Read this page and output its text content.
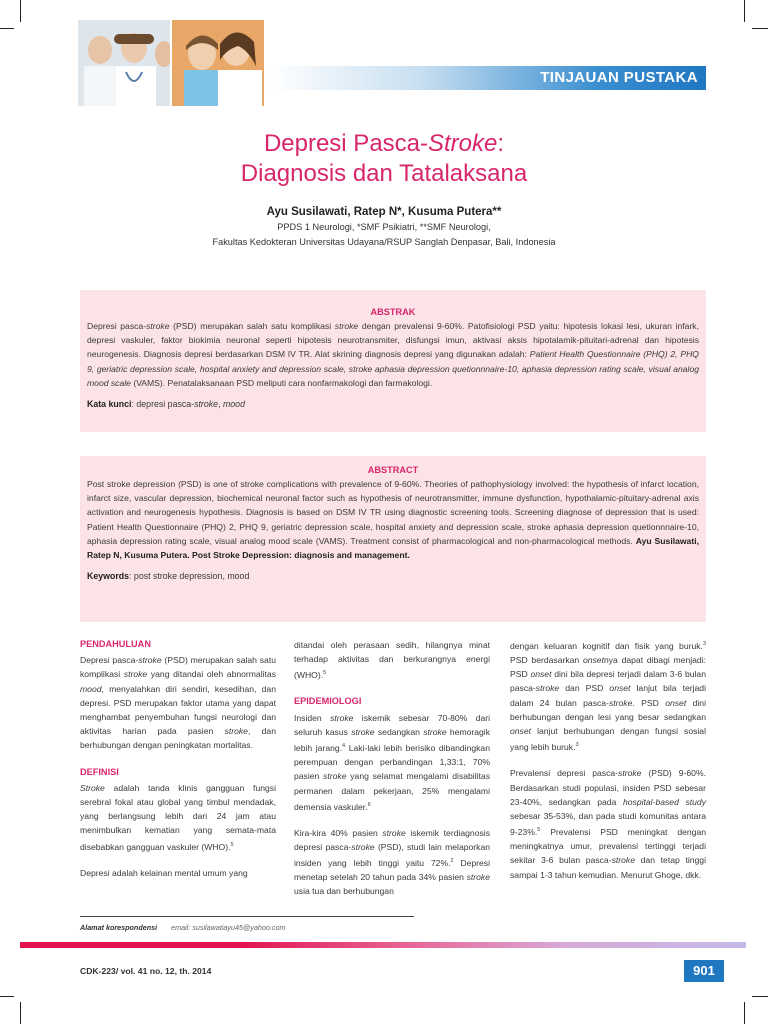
TINJAUAN PUSTAKA
Depresi Pasca-Stroke:
Diagnosis dan Tatalaksana
Ayu Susilawati, Ratep N*, Kusuma Putera**
PPDS 1 Neurologi, *SMF Psikiatri, **SMF Neurologi,
Fakultas Kedokteran Universitas Udayana/RSUP Sanglah Denpasar, Bali, Indonesia
ABSTRAK
Depresi pasca-stroke (PSD) merupakan salah satu komplikasi stroke dengan prevalensi 9-60%. Patofisiologi PSD yaitu: hipotesis lokasi lesi, ukuran infark, depresi vaskuler, faktor biokimia neuronal seperti hipotesis neurotransmiter, disfungsi imun, aktivasi aksis hipotalamik-pituitari-adrenal dan hipotesis neurogenesis. Diagnosis depresi berdasarkan DSM IV TR. Alat skrining diagnosis depresi yang digunakan adalah: Patient Health Questionnaire (PHQ) 2, PHQ 9, geriatric depression scale, hospital anxiety and depression scale, stroke aphasia depression quetionnnaire-10, aphasia depression rating scale, visual analog mood scale (VAMS). Penatalaksanaan PSD meliputi cara nonfarmakologi dan farmakologi.
Kata kunci: depresi pasca-stroke, mood
ABSTRACT
Post stroke depression (PSD) is one of stroke complications with prevalence of 9-60%. Theories of pathophysiology involved: the hypothesis of infarct location, infarct size, vascular depression, biochemical neuronal factor such as hypothesis of neurotransmitter, immune dysfunction, hypothalamic-pituitary-adrenal axis activation and neurogenesis hypothesis. Diagnosis is based on DSM IV TR using diagnostic screening tools. Screening diagnose of depression that is used: Patient Health Questionnaire (PHQ) 2, PHQ 9, geriatric depression scale, hospital anxiety and depression scale, stroke aphasia depression quetionnnaire-10, aphasia depression rating scale, visual analog mood scale (VAMS). Treatment consist of pharmacological and non-pharmacological methods. Ayu Susilawati, Ratep N, Kusuma Putera. Post Stroke Depression: diagnosis and management.
Keywords: post stroke depression, mood
PENDAHULUAN

Depresi pasca-stroke (PSD) merupakan salah satu komplikasi stroke yang ditandai oleh abnormalitas mood, menyalahkan diri sendiri, kesedihan, dan depresi. PSD merupakan faktor utama yang dapat menghambat penyembuhan fungsi neurologi dan aktivitas harian pada pasien stroke, dan berhubungan dengan peningkatan mortalitas.

DEFINISI

Stroke adalah tanda klinis gangguan fungsi serebral fokal atau global yang timbul mendadak, yang berlangsung lebih dari 24 jam atau menimbulkan kematian yang semata-mata disebabkan gangguan vaskuler (WHO).$^5$

Depresi adalah kelainan mental umum yang

ditandai oleh perasaan sedih, hilangnya minat terhadap aktivitas dan berkurangnya energi (WHO).$^5$

EPIDEMIOLOGI

Insiden stroke iskemik sebesar 70-80% dari seluruh kasus stroke sedangkan stroke hemoragik lebih jarang.$^4$ Laki-laki lebih berisiko dibandingkan perempuan dengan perbandingan 1,33:1, 70% pasien stroke yang selamat mengalami disabilitas permanen dalam pekerjaan, 25% mengalami demensia vaskuler.$^6$

Kira-kira 40% pasien stroke iskemik terdiagnosis depresi pasca-stroke (PSD), studi lain melaporkan insiden yang lebih tinggi yaitu 72%.$^2$ Depresi menetap setelah 20 tahun pada 34% pasien stroke usia tua dan berhubungan

dengan keluaran kognitif dan fisik yang buruk.$^3$ PSD berdasarkan onsetnya dapat dibagi menjadi: PSD onset dini bila depresi terjadi dalam 3-6 bulan pasca-stroke dan PSD onset lanjut bila terjadi dalam 24 bulan pasca-stroke. PSD onset dini berhubungan dengan lesi yang besar sedangkan onset lanjut berhubungan dengan fungsi sosial yang lebih buruk.$^3$

Prevalensi depresi pasca-stroke (PSD) 9-60%. Berdasarkan studi populasi, insiden PSD sebesar 23-40%, sedangkan pada hospital-based study sebesar 35-53%, dan pada studi komunitas antara 9-23%.$^5$ Prevalensi PSD meningkat dengan meningkatnya umur, prevalensi tertinggi terjadi sekitar 3-6 bulan pasca-stroke dan tetap tinggi sampai 1-3 tahun kemudian. Menurut Ghoge, dkk.

Alamat korespondensi email: susilawatiayu45@yahoo.com
CDK-223/ vol. 41 no. 12, th. 2014	901
